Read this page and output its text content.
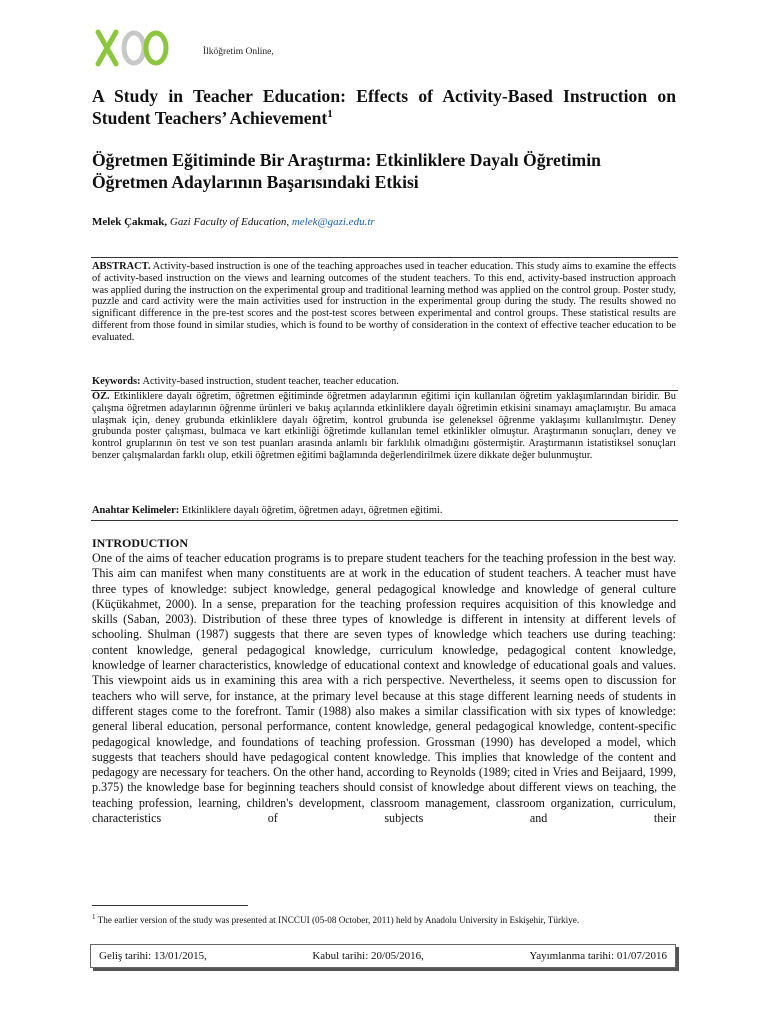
İlköğretim Online,
A Study in Teacher Education: Effects of Activity-Based Instruction on Student Teachers’ Achievement$^1$
Öğretmen Eğitiminde Bir Araştırma: Etkinliklere Dayalı Öğretimin Öğretmen Adaylarının Başarısındaki Etkisi
Melek Çakmak, Gazi Faculty of Education, melek@gazi.edu.tr
ABSTRACT. Activity-based instruction is one of the teaching approaches used in teacher education. This study aims to examine the effects of activity-based instruction on the views and learning outcomes of the student teachers. To this end, activity-based instruction approach was applied during the instruction on the experimental group and traditional learning method was applied on the control group. Poster study, puzzle and card activity were the main activities used for instruction in the experimental group during the study. The results showed no significant difference in the pre-test scores and the post-test scores between experimental and control groups. These statistical results are different from those found in similar studies, which is found to be worthy of consideration in the context of effective teacher education to be evaluated.
Keywords: Activity-based instruction, student teacher, teacher education.
ÖZ. Etkinliklere dayalı öğretim, öğretmen eğitiminde öğretmen adaylarının eğitimi için kullanılan öğretim yaklaşımlarından biridir. Bu çalışma öğretmen adaylarının öğrenme ürünleri ve bakış açılarında etkinliklere dayalı öğretimin etkisini sınamayı amaçlamıştır. Bu amaca ulaşmak için, deney grubunda etkinliklere dayalı öğretim, kontrol grubunda ise geleneksel öğrenme yaklaşımı kullanılmıştır. Deney grubunda poster çalışması, bulmaca ve kart etkinliği öğretimde kullanılan temel etkinlikler olmuştur. Araştırmanın sonuçları, deney ve kontrol gruplarının ön test ve son test puanları arasında anlamlı bir farklılık olmadığını göstermiştir. Araştırmanın istatistiksel sonuçları benzer çalışmalardan farklı olup, etkili öğretmen eğitimi bağlamında değerlendirilmek üzere dikkate değer bulunmuştur.
Anahtar Kelimeler: Etkinliklere dayalı öğretim, öğretmen adayı, öğretmen eğitimi.
INTRODUCTION
One of the aims of teacher education programs is to prepare student teachers for the teaching profession in the best way. This aim can manifest when many constituents are at work in the education of student teachers. A teacher must have three types of knowledge: subject knowledge, general pedagogical knowledge and knowledge of general culture (Küçükahmet, 2000). In a sense, preparation for the teaching profession requires acquisition of this knowledge and skills (Saban, 2003). Distribution of these three types of knowledge is different in intensity at different levels of schooling. Shulman (1987) suggests that there are seven types of knowledge which teachers use during teaching: content knowledge, general pedagogical knowledge, curriculum knowledge, pedagogical content knowledge, knowledge of learner characteristics, knowledge of educational context and knowledge of educational goals and values. This viewpoint aids us in examining this area with a rich perspective. Nevertheless, it seems open to discussion for teachers who will serve, for instance, at the primary level because at this stage different learning needs of students in different stages come to the forefront. Tamir (1988) also makes a similar classification with six types of knowledge: general liberal education, personal performance, content knowledge, general pedagogical knowledge, content-specific pedagogical knowledge, and foundations of teaching profession. Grossman (1990) has developed a model, which suggests that teachers should have pedagogical content knowledge. This implies that knowledge of the content and pedagogy are necessary for teachers. On the other hand, according to Reynolds (1989; cited in Vries and Beijaard, 1999, p.375) the knowledge base for beginning teachers should consist of knowledge about different views on teaching, the teaching profession, learning, children's development, classroom management, classroom organization, curriculum, characteristics of subjects and their
$^1$ The earlier version of the study was presented at INCCUI (05-08 October, 2011) held by Anadolu University in Eskişehir, Türkiye.
Geliş tarihi: 13/01/2015,	Kabul tarihi: 20/05/2016,	Yayımlanma tarihi: 01/07/2016
